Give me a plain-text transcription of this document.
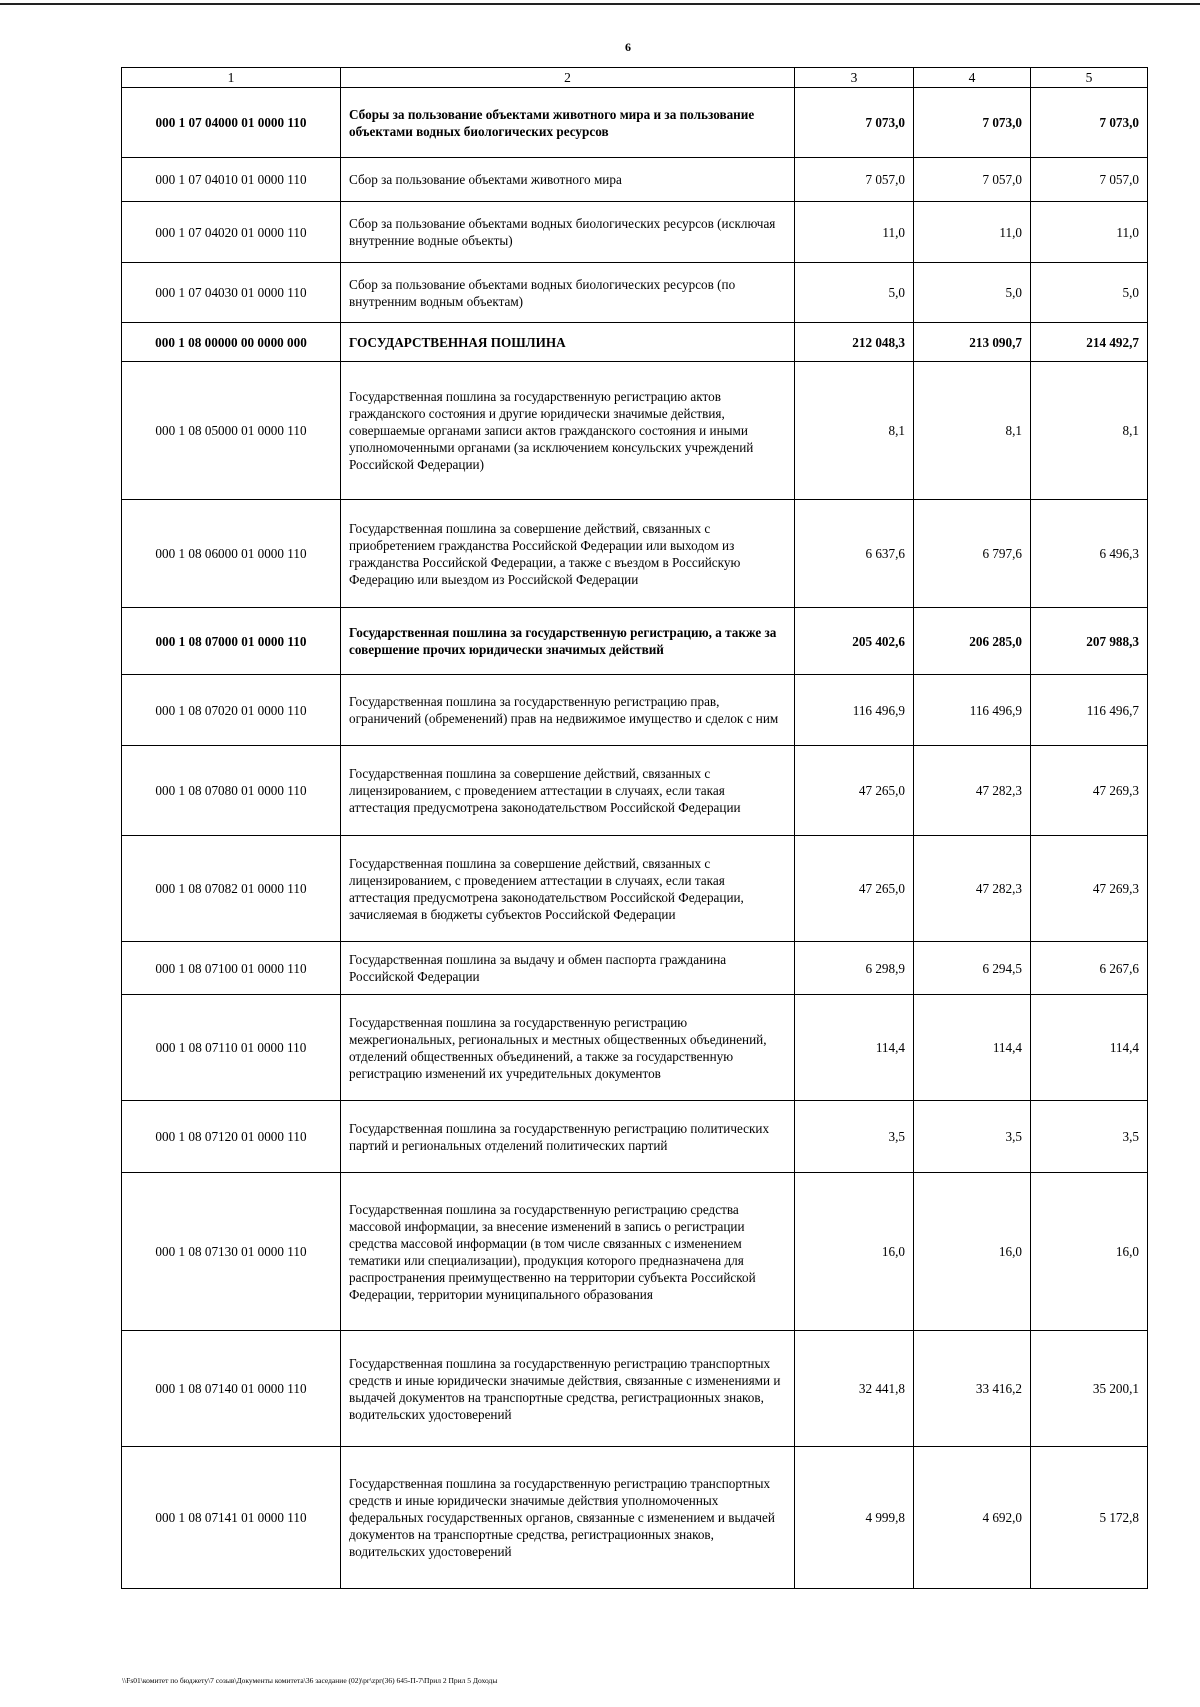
6
1	2	3	4	5
000 1 07 04000 01 0000 110	Сборы за пользование объектами животного мира и за пользование объектами водных биологических ресурсов	7 073,0	7 073,0	7 073,0
000 1 07 04010 01 0000 110	Сбор за пользование объектами животного мира	7 057,0	7 057,0	7 057,0
000 1 07 04020 01 0000 110	Сбор за пользование объектами водных биологических ресурсов (исключая внутренние водные объекты)	11,0	11,0	11,0
000 1 07 04030 01 0000 110	Сбор за пользование объектами водных биологических ресурсов (по внутренним водным объектам)	5,0	5,0	5,0
000 1 08 00000 00 0000 000	ГОСУДАРСТВЕННАЯ ПОШЛИНА	212 048,3	213 090,7	214 492,7
000 1 08 05000 01 0000 110	Государственная пошлина за государственную регистрацию актов гражданского состояния и другие юридически значимые действия, совершаемые органами записи актов гражданского состояния и иными уполномоченными органами (за исключением консульских учреждений Российской Федерации)	8,1	8,1	8,1
000 1 08 06000 01 0000 110	Государственная пошлина за совершение действий, связанных с приобретением гражданства Российской Федерации или выходом из гражданства Российской Федерации, а также с въездом в Российскую Федерацию или выездом из Российской Федерации	6 637,6	6 797,6	6 496,3
000 1 08 07000 01 0000 110	Государственная пошлина за государственную регистрацию, а также за совершение прочих юридически значимых действий	205 402,6	206 285,0	207 988,3
000 1 08 07020 01 0000 110	Государственная пошлина за государственную регистрацию прав, ограничений (обременений) прав на недвижимое имущество и сделок с ним	116 496,9	116 496,9	116 496,7
000 1 08 07080 01 0000 110	Государственная пошлина за совершение действий, связанных с лицензированием, с проведением аттестации в случаях, если такая аттестация предусмотрена законодательством Российской Федерации	47 265,0	47 282,3	47 269,3
000 1 08 07082 01 0000 110	Государственная пошлина за совершение действий, связанных с лицензированием, с проведением аттестации в случаях, если такая аттестация предусмотрена законодательством Российской Федерации, зачисляемая в бюджеты субъектов Российской Федерации	47 265,0	47 282,3	47 269,3
000 1 08 07100 01 0000 110	Государственная пошлина за выдачу и обмен паспорта гражданина Российской Федерации	6 298,9	6 294,5	6 267,6
000 1 08 07110 01 0000 110	Государственная пошлина за государственную регистрацию межрегиональных, региональных и местных общественных объединений, отделений общественных объединений, а также за государственную регистрацию изменений их учредительных документов	114,4	114,4	114,4
000 1 08 07120 01 0000 110	Государственная пошлина за государственную регистрацию политических партий и региональных отделений политических партий	3,5	3,5	3,5
000 1 08 07130 01 0000 110	Государственная пошлина за государственную регистрацию средства массовой информации, за внесение изменений в запись о регистрации средства массовой информации (в том числе связанных с изменением тематики или специализации), продукция которого предназначена для распространения преимущественно на территории субъекта Российской Федерации, территории муниципального образования	16,0	16,0	16,0
000 1 08 07140 01 0000 110	Государственная пошлина за государственную регистрацию транспортных средств и иные юридически значимые действия, связанные с изменениями и выдачей документов на транспортные средства, регистрационных знаков, водительских удостоверений	32 441,8	33 416,2	35 200,1
000 1 08 07141 01 0000 110	Государственная пошлина за государственную регистрацию транспортных средств и иные юридически значимые действия уполномоченных федеральных государственных органов, связанные с изменением и выдачей документов на транспортные средства, регистрационных знаков, водительских удостоверений	4 999,8	4 692,0	5 172,8
\\Fs01\комитет по бюджету\7 созыв\Документы комитета\36 заседание (02)\рг\zрг(36) 645-П-7\Прил 2 Прил 5 Доходы
